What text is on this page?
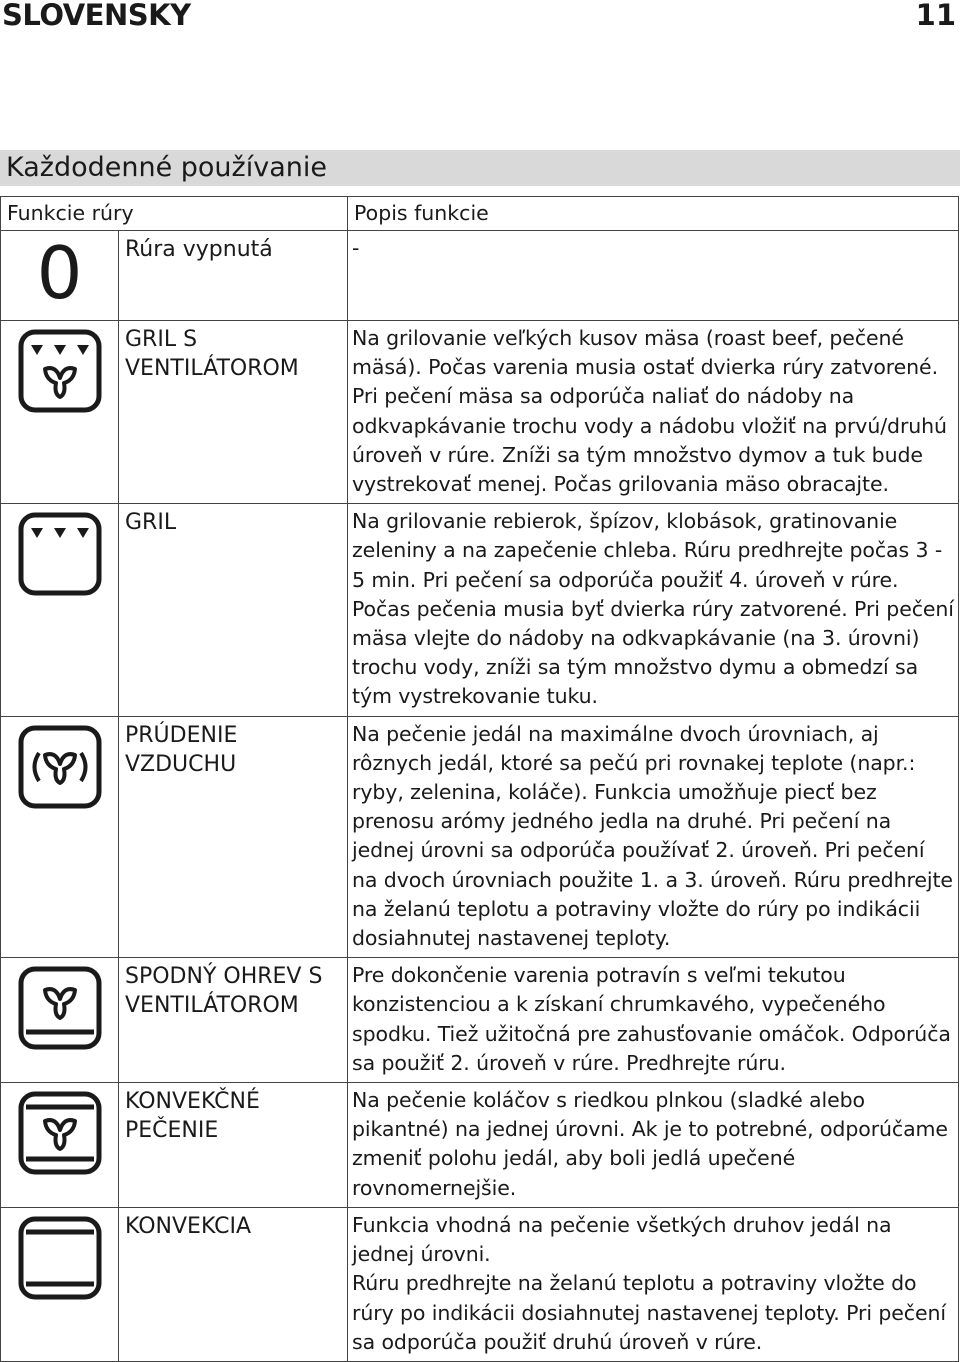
SLOVENSKY	11
Každodenné používanie
Funkcie rúry		Popis funkcie

0	Rúra vypnutá	-

GRIL S
VENTILÁTOROM	Na grilovanie veľkých kusov mäsa (roast beef, pečené mäsá). Počas varenia musia ostať dvierka rúry zatvorené. Pri pečení mäsa sa odporúča naliať do nádoby na odkvapkávanie trochu vody a nádobu vložiť na prvú/druhú úroveň v rúre. Zníži sa tým množstvo dymov a tuk bude vystrekovať menej. Počas grilovania mäso obracajte.

GRIL	Na grilovanie rebierok, špízov, klobások, gratinovanie zeleniny a na zapečenie chleba. Rúru predhrejte počas 3 - 5 min. Pri pečení sa odporúča použiť 4. úroveň v rúre. Počas pečenia musia byť dvierka rúry zatvorené. Pri pečení mäsa vlejte do nádoby na odkvapkávanie (na 3. úrovni) trochu vody, zníži sa tým množstvo dymu a obmedzí sa tým vystrekovanie tuku.

PRÚDENIE
VZDUCHU	Na pečenie jedál na maximálne dvoch úrovniach, aj rôznych jedál, ktoré sa pečú pri rovnakej teplote (napr.: ryby, zelenina, koláče). Funkcia umožňuje piecť bez prenosu arómy jedného jedla na druhé. Pri pečení na jednej úrovni sa odporúča používať 2. úroveň. Pri pečení na dvoch úrovniach použite 1. a 3. úroveň. Rúru predhrejte na želanú teplotu a potraviny vložte do rúry po indikácii dosiahnutej nastavenej teploty.

SPODNÝ OHREV S
VENTILÁTOROM	Pre dokončenie varenia potravín s veľmi tekutou konzistenciou a k získaní chrumkavého, vypečeného spodku. Tiež užitočná pre zahusťovanie omáčok. Odporúča sa použiť 2. úroveň v rúre. Predhrejte rúru.

KONVEKČNÉ
PEČENIE	Na pečenie koláčov s riedkou plnkou (sladké alebo pikantné) na jednej úrovni. Ak je to potrebné, odporúčame zmeniť polohu jedál, aby boli jedlá upečené rovnomernejšie.

KONVEKCIA	Funkcia vhodná na pečenie všetkých druhov jedál na jednej úrovni.
Rúru predhrejte na želanú teplotu a potraviny vložte do rúry po indikácii dosiahnutej nastavenej teploty. Pri pečení sa odporúča použiť druhú úroveň v rúre.
